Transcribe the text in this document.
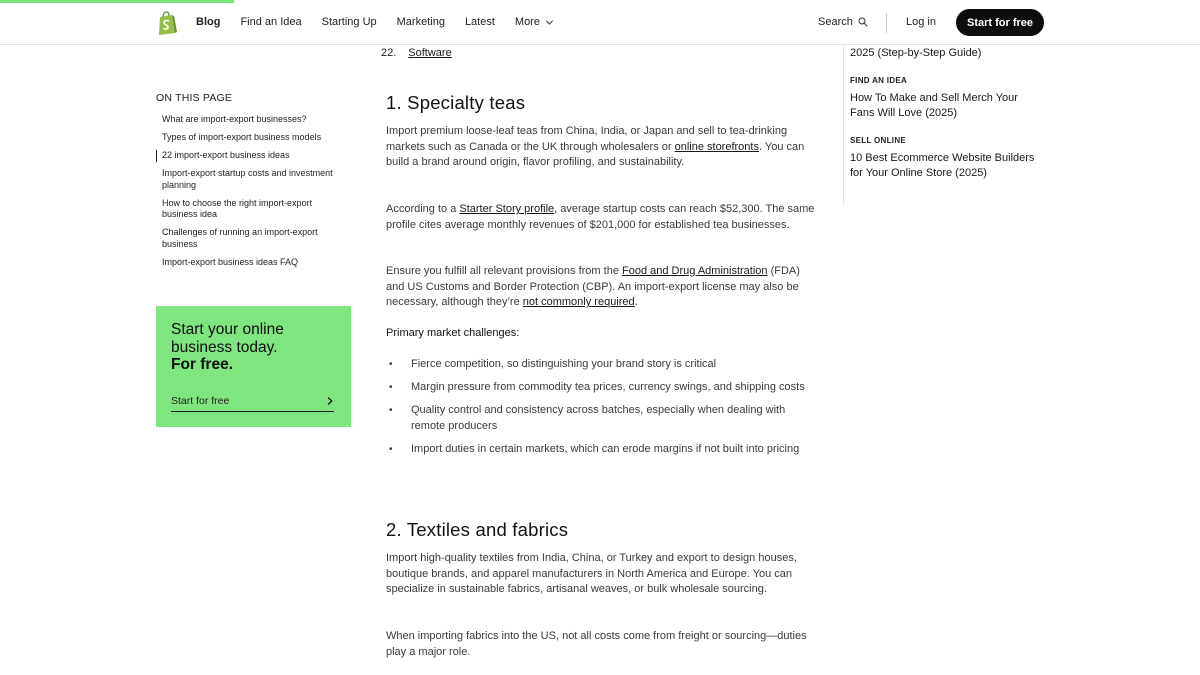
Blog Find an Idea Starting Up Marketing Latest More	Search	Log in	Start for free
ON THIS PAGE
What are import-export businesses?
Types of import-export business models
22 import-export business ideas
Import-export startup costs and investment planning
How to choose the right import-export business idea
Challenges of running an import-export business
Import-export business ideas FAQ
Start your online
business today.
For free.
Start for free
22. Software
1. Specialty teas
Import premium loose-leaf teas from China, India, or Japan and sell to tea-drinking markets such as Canada or the UK through wholesalers or online storefronts. You can build a brand around origin, flavor profiling, and sustainability.
According to a Starter Story profile, average startup costs can reach $52,300. The same profile cites average monthly revenues of $201,000 for established tea businesses.
Ensure you fulfill all relevant provisions from the Food and Drug Administration (FDA) and US Customs and Border Protection (CBP). An import-export license may also be necessary, although they’re not commonly required.
Primary market challenges:
• Fierce competition, so distinguishing your brand story is critical
• Margin pressure from commodity tea prices, currency swings, and shipping costs
• Quality control and consistency across batches, especially when dealing with remote producers
• Import duties in certain markets, which can erode margins if not built into pricing
2. Textiles and fabrics
Import high-quality textiles from India, China, or Turkey and export to design houses, boutique brands, and apparel manufacturers in North America and Europe. You can specialize in sustainable fabrics, artisanal weaves, or bulk wholesale sourcing.
When importing fabrics into the US, not all costs come from freight or sourcing—duties play a major role.
2025 (Step-by-Step Guide)
FIND AN IDEA
How To Make and Sell Merch Your Fans Will Love (2025)
SELL ONLINE
10 Best Ecommerce Website Builders for Your Online Store (2025)
